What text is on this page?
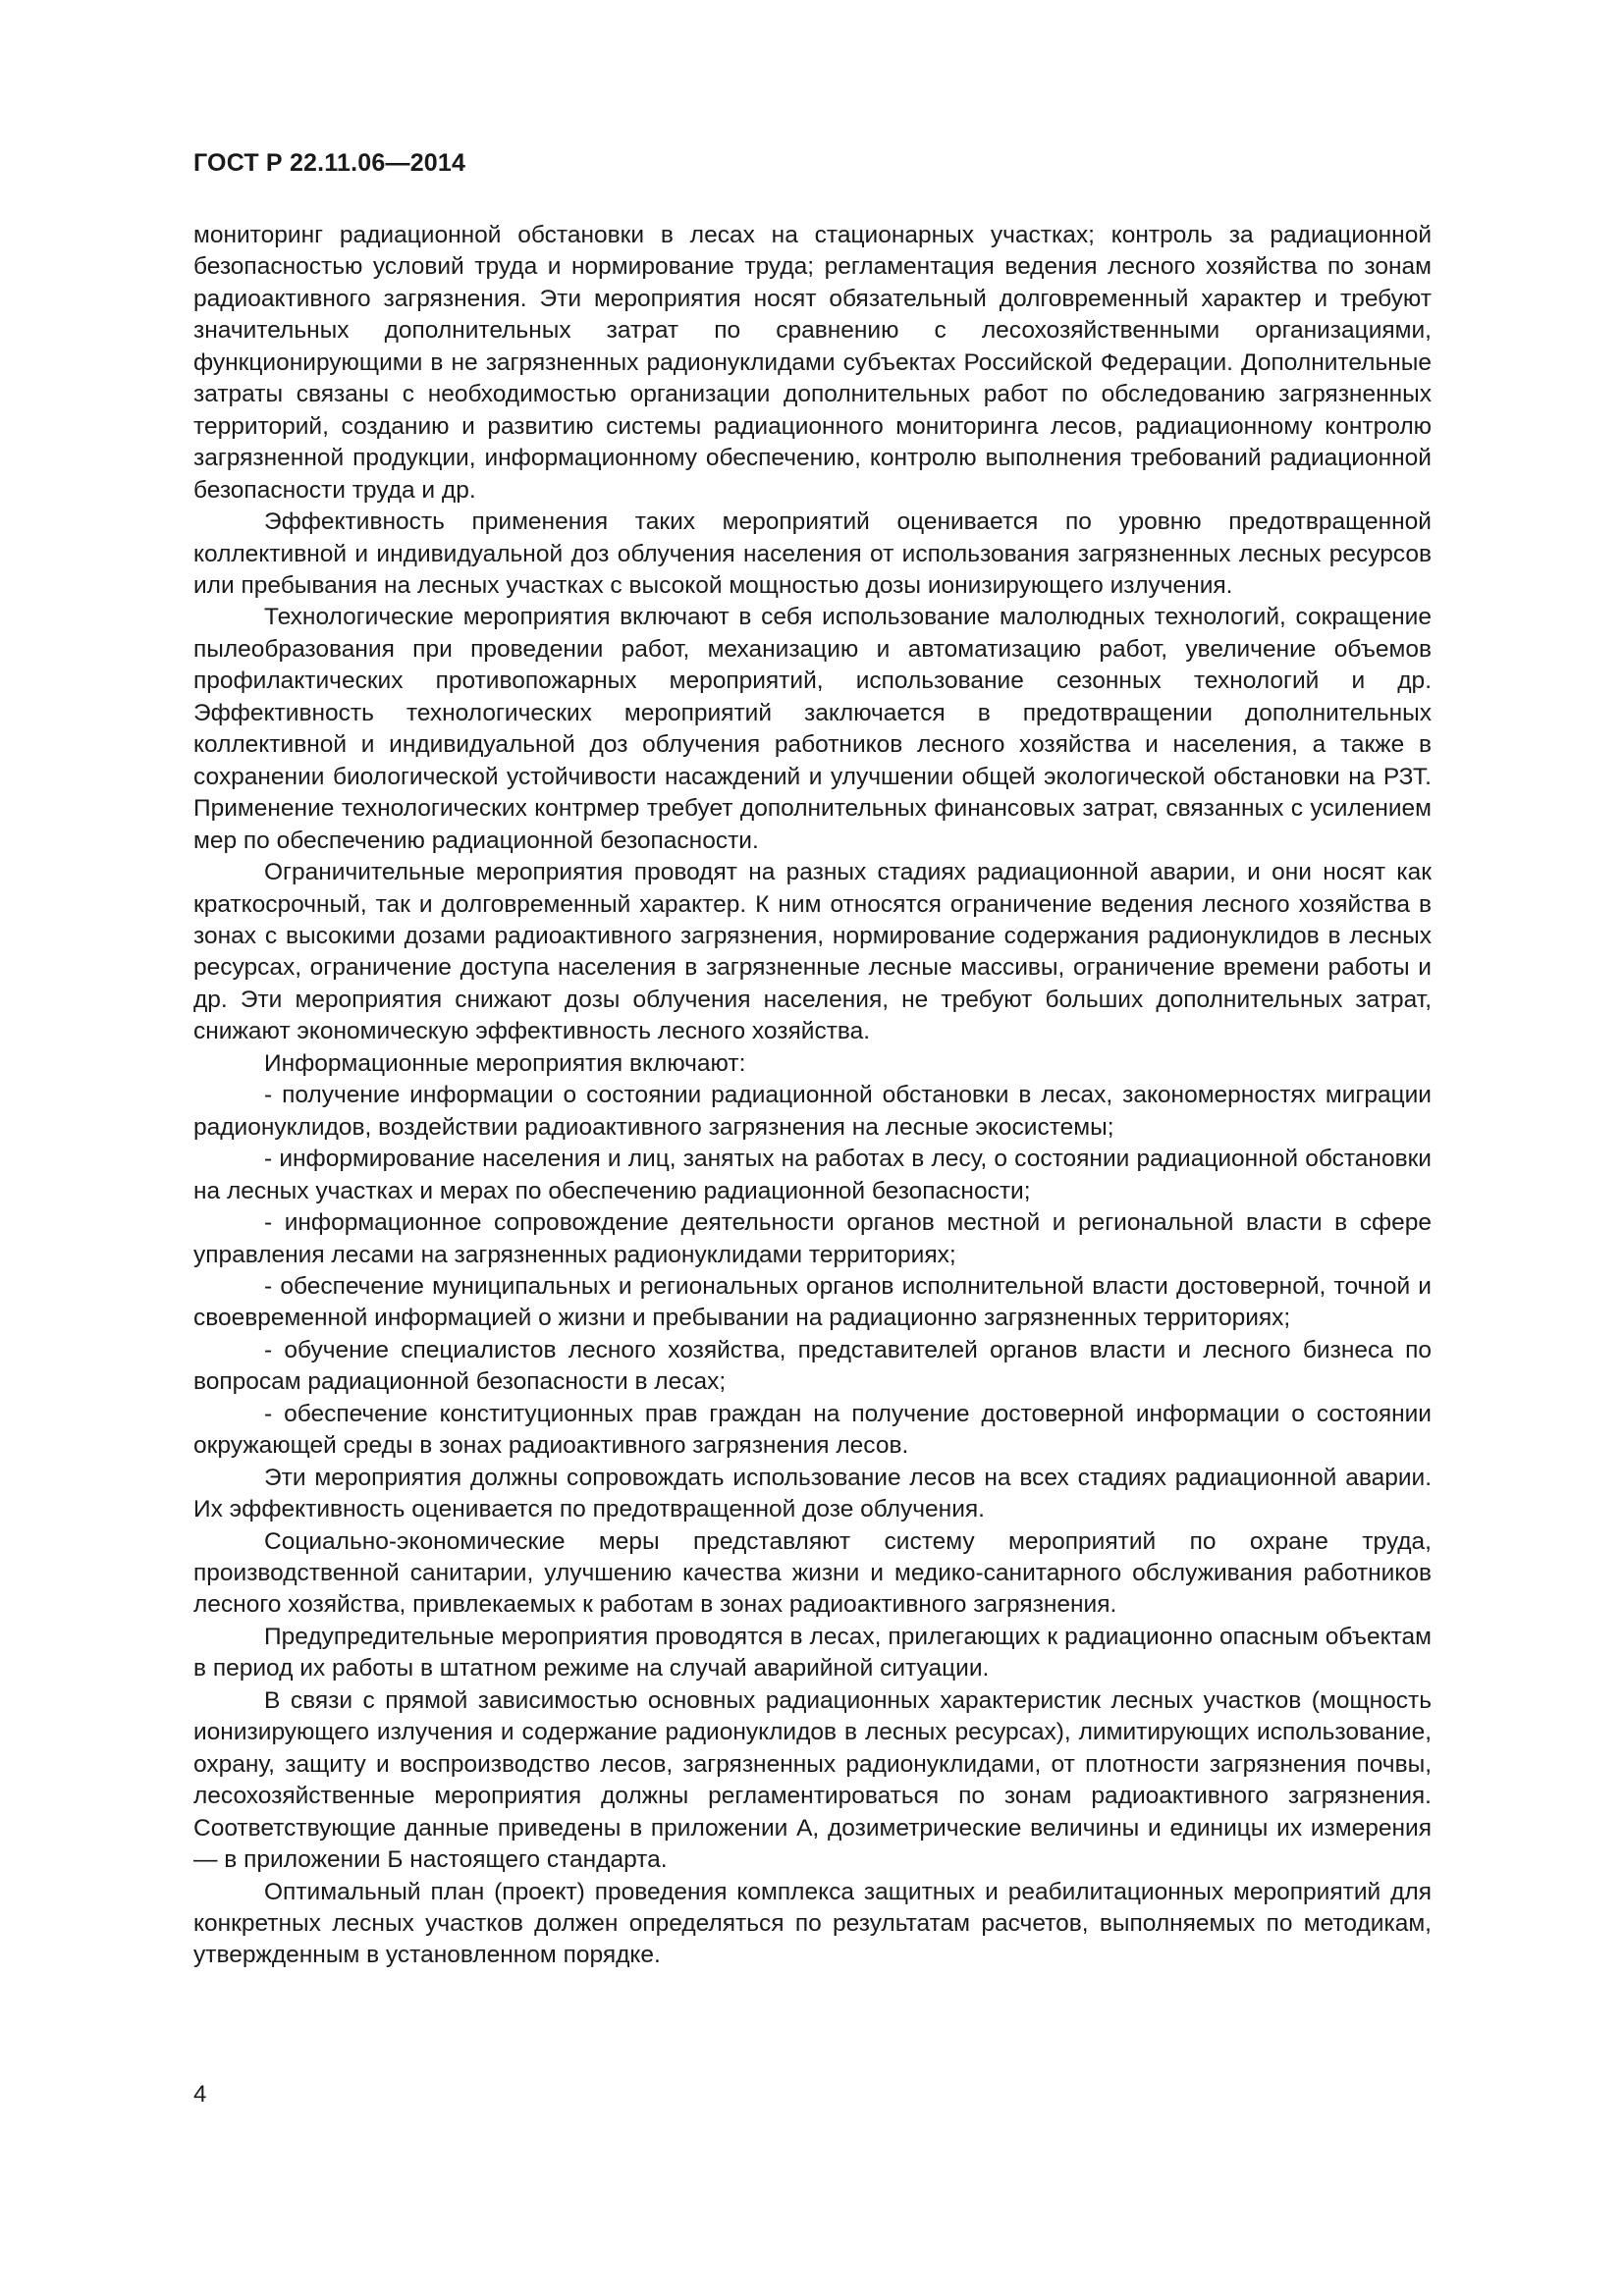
ГОСТ Р 22.11.06—2014

мониторинг радиационной обстановки в лесах на стационарных участках; контроль за радиационной безопасностью условий труда и нормирование труда; регламентация ведения лесного хозяйства по зонам радиоактивного загрязнения. Эти мероприятия носят обязательный долговременный характер и требуют значительных дополнительных затрат по сравнению с лесохозяйственными организациями, функционирующими в не загрязненных радионуклидами субъектах Российской Федерации. Дополнительные затраты связаны с необходимостью организации дополнительных работ по обследованию загрязненных территорий, созданию и развитию системы радиационного мониторинга лесов, радиационному контролю загрязненной продукции, информационному обеспечению, контролю выполнения требований радиационной безопасности труда и др.

Эффективность применения таких мероприятий оценивается по уровню предотвращенной коллективной и индивидуальной доз облучения населения от использования загрязненных лесных ресурсов или пребывания на лесных участках с высокой мощностью дозы ионизирующего излучения.

Технологические мероприятия включают в себя использование малолюдных технологий, сокращение пылеобразования при проведении работ, механизацию и автоматизацию работ, увеличение объемов профилактических противопожарных мероприятий, использование сезонных технологий и др. Эффективность технологических мероприятий заключается в предотвращении дополнительных коллективной и индивидуальной доз облучения работников лесного хозяйства и населения, а также в сохранении биологической устойчивости насаждений и улучшении общей экологической обстановки на РЗТ. Применение технологических контрмер требует дополнительных финансовых затрат, связанных с усилением мер по обеспечению радиационной безопасности.

Ограничительные мероприятия проводят на разных стадиях радиационной аварии, и они носят как краткосрочный, так и долговременный характер. К ним относятся ограничение ведения лесного хозяйства в зонах с высокими дозами радиоактивного загрязнения, нормирование содержания радионуклидов в лесных ресурсах, ограничение доступа населения в загрязненные лесные массивы, ограничение времени работы и др. Эти мероприятия снижают дозы облучения населения, не требуют больших дополнительных затрат, снижают экономическую эффективность лесного хозяйства.

Информационные мероприятия включают:

- получение информации о состоянии радиационной обстановки в лесах, закономерностях миграции радионуклидов, воздействии радиоактивного загрязнения на лесные экосистемы;

- информирование населения и лиц, занятых на работах в лесу, о состоянии радиационной обстановки на лесных участках и мерах по обеспечению радиационной безопасности;

- информационное сопровождение деятельности органов местной и региональной власти в сфере управления лесами на загрязненных радионуклидами территориях;

- обеспечение муниципальных и региональных органов исполнительной власти достоверной, точной и своевременной информацией о жизни и пребывании на радиационно загрязненных территориях;

- обучение специалистов лесного хозяйства, представителей органов власти и лесного бизнеса по вопросам радиационной безопасности в лесах;

- обеспечение конституционных прав граждан на получение достоверной информации о состоянии окружающей среды в зонах радиоактивного загрязнения лесов.

Эти мероприятия должны сопровождать использование лесов на всех стадиях радиационной аварии. Их эффективность оценивается по предотвращенной дозе облучения.

Социально-экономические меры представляют систему мероприятий по охране труда, производственной санитарии, улучшению качества жизни и медико-санитарного обслуживания работников лесного хозяйства, привлекаемых к работам в зонах радиоактивного загрязнения.

Предупредительные мероприятия проводятся в лесах, прилегающих к радиационно опасным объектам в период их работы в штатном режиме на случай аварийной ситуации.

В связи с прямой зависимостью основных радиационных характеристик лесных участков (мощность ионизирующего излучения и содержание радионуклидов в лесных ресурсах), лимитирующих использование, охрану, защиту и воспроизводство лесов, загрязненных радионуклидами, от плотности загрязнения почвы, лесохозяйственные мероприятия должны регламентироваться по зонам радиоактивного загрязнения. Соответствующие данные приведены в приложении А, дозиметрические величины и единицы их измерения — в приложении Б настоящего стандарта.

Оптимальный план (проект) проведения комплекса защитных и реабилитационных мероприятий для конкретных лесных участков должен определяться по результатам расчетов, выполняемых по методикам, утвержденным в установленном порядке.

4
